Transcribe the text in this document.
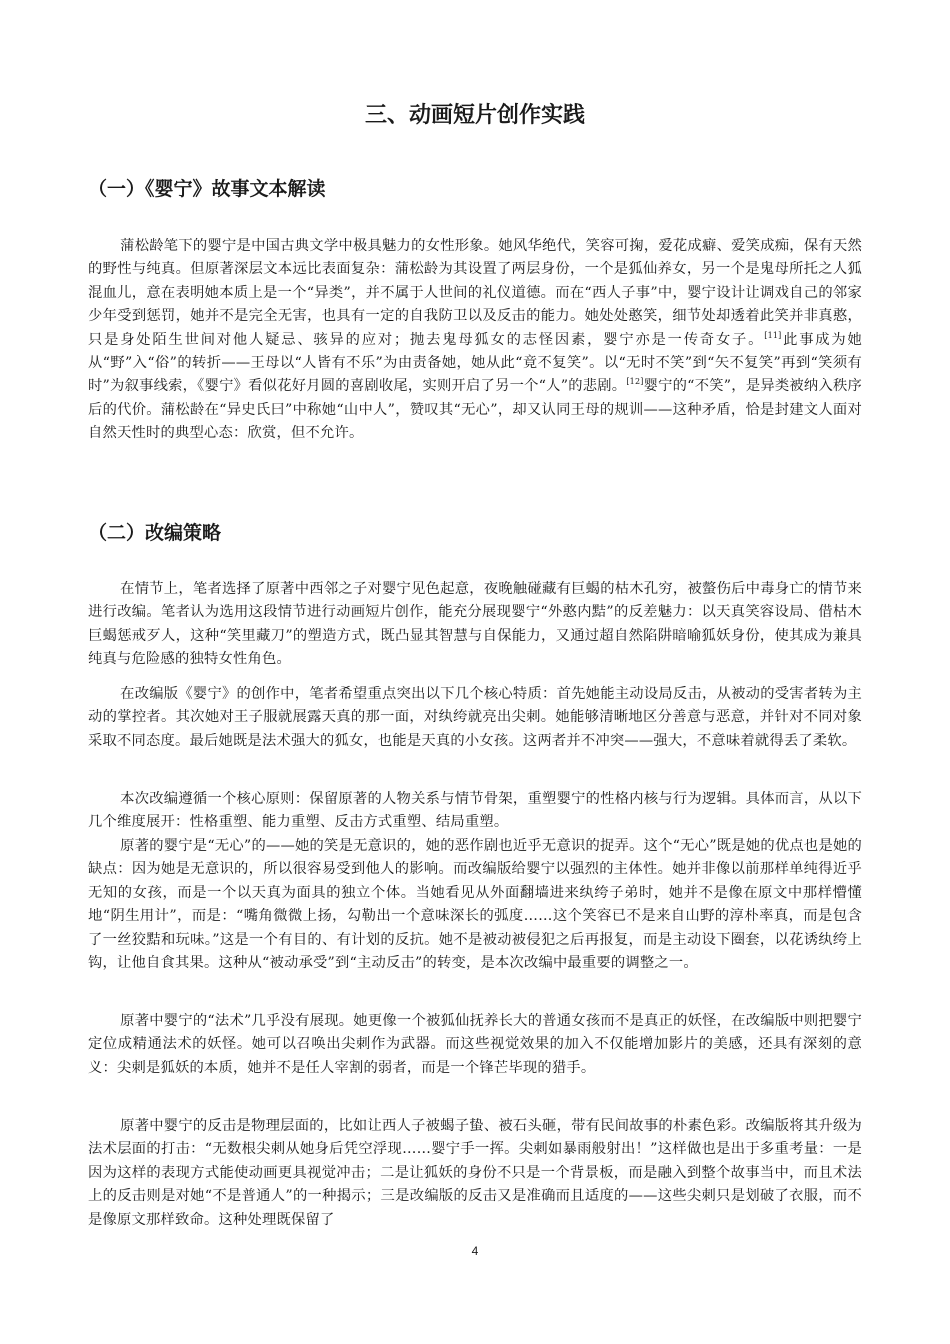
三、动画短片创作实践
（一）《婴宁》故事文本解读

蒲松龄笔下的婴宁是中国古典文学中极具魅力的女性形象。她风华绝代，笑容可掬，爱花成癖、爱笑成痴，保有天然的野性与纯真。但原著深层文本远比表面复杂：蒲松龄为其设置了两层身份，一个是狐仙养女，另一个是鬼母所托之人狐混血儿，意在表明她本质上是一个“异类”，并不属于人世间的礼仪道德。而在“西人子事”中，婴宁设计让调戏自己的邻家少年受到惩罚，她并不是完全无害，也具有一定的自我防卫以及反击的能力。她处处憨笑，细节处却透着此笑并非真憨，只是身处陌生世间对他人疑忌、骇异的应对；抛去鬼母狐女的志怪因素，婴宁亦是一传奇女子。[11]此事成为她从“野”入“俗”的转折——王母以“人皆有不乐”为由责备她，她从此“竟不复笑”。以“无时不笑”到“矢不复笑”再到“笑须有时”为叙事线索，《婴宁》看似花好月圆的喜剧收尾，实则开启了另一个“人”的悲剧。[12]婴宁的“不笑”，是异类被纳入秩序后的代价。蒲松龄在“异史氏曰”中称她“山中人”，赞叹其“无心”，却又认同王母的规训——这种矛盾，恰是封建文人面对自然天性时的典型心态：欣赏，但不允许。

（二）改编策略

在情节上，笔者选择了原著中西邻之子对婴宁见色起意，夜晚触碰藏有巨蝎的枯木孔穷，被螫伤后中毒身亡的情节来进行改编。笔者认为选用这段情节进行动画短片创作，能充分展现婴宁“外憨内黠”的反差魅力：以天真笑容设局、借枯木巨蝎惩戒歹人，这种“笑里藏刀”的塑造方式，既凸显其智慧与自保能力，又通过超自然陷阱暗喻狐妖身份，使其成为兼具纯真与危险感的独特女性角色。

在改编版《婴宁》的创作中，笔者希望重点突出以下几个核心特质：首先她能主动设局反击，从被动的受害者转为主动的掌控者。其次她对王子服就展露天真的那一面，对纨绔就亮出尖刺。她能够清晰地区分善意与恶意，并针对不同对象采取不同态度。最后她既是法术强大的狐女，也能是天真的小女孩。这两者并不冲突——强大，不意味着就得丢了柔软。

本次改编遵循一个核心原则：保留原著的人物关系与情节骨架，重塑婴宁的性格内核与行为逻辑。具体而言，从以下几个维度展开：性格重塑、能力重塑、反击方式重塑、结局重塑。

原著的婴宁是“无心”的——她的笑是无意识的，她的恶作剧也近乎无意识的捉弄。这个“无心”既是她的优点也是她的缺点：因为她是无意识的，所以很容易受到他人的影响。而改编版给婴宁以强烈的主体性。她并非像以前那样单纯得近乎无知的女孩，而是一个以天真为面具的独立个体。当她看见从外面翻墙进来纨绔子弟时，她并不是像在原文中那样懵懂地“阴生用计”，而是：“嘴角微微上扬，勾勒出一个意味深长的弧度……这个笑容已不是来自山野的淳朴率真，而是包含了一丝狡黠和玩味。”这是一个有目的、有计划的反抗。她不是被动被侵犯之后再报复，而是主动设下圈套，以花诱纨绔上钩，让他自食其果。这种从“被动承受”到“主动反击”的转变，是本次改编中最重要的调整之一。

原著中婴宁的“法术”几乎没有展现。她更像一个被狐仙抚养长大的普通女孩而不是真正的妖怪，在改编版中则把婴宁定位成精通法术的妖怪。她可以召唤出尖刺作为武器。而这些视觉效果的加入不仅能增加影片的美感，还具有深刻的意义：尖刺是狐妖的本质，她并不是任人宰割的弱者，而是一个锋芒毕现的猎手。

原著中婴宁的反击是物理层面的，比如让西人子被蝎子蛰、被石头砸，带有民间故事的朴素色彩。改编版将其升级为法术层面的打击：“无数根尖刺从她身后凭空浮现……婴宁手一挥。尖刺如暴雨般射出！”这样做也是出于多重考量：一是因为这样的表现方式能使动画更具视觉冲击；二是让狐妖的身份不只是一个背景板，而是融入到整个故事当中，而且术法上的反击则是对她“不是普通人”的一种揭示；三是改编版的反击又是准确而且适度的——这些尖刺只是划破了衣服，而不是像原文那样致命。这种处理既保留了

4
